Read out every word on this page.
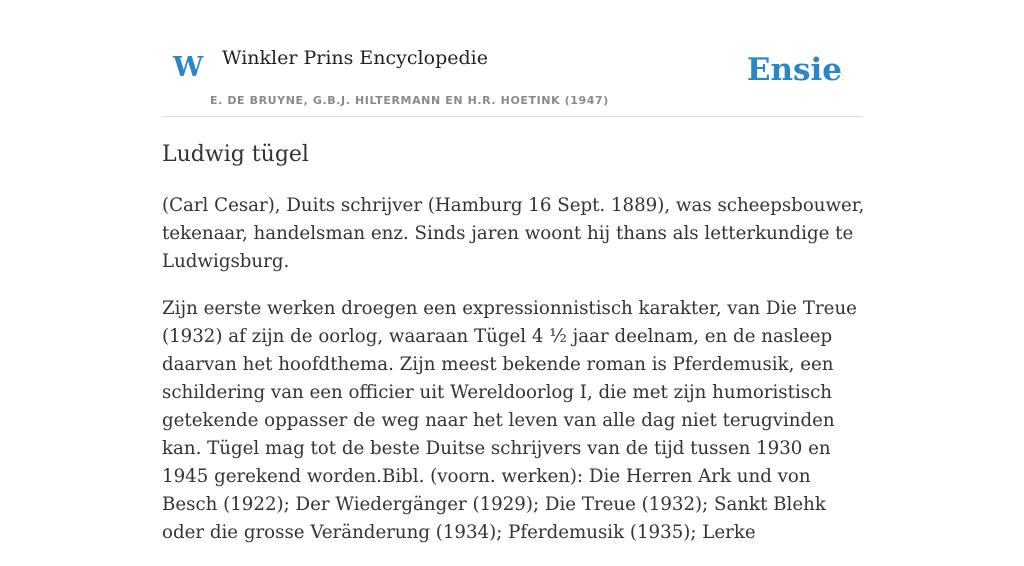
W Winkler Prins Encyclopedie
E. DE BRUYNE, G.B.J. HILTERMANN EN H.R. HOETINK (1947)
Ensie
Ludwig tügel

(Carl Cesar), Duits schrijver (Hamburg 16 Sept. 1889), was scheepsbouwer, tekenaar, handelsman enz. Sinds jaren woont hij thans als letterkundige te Ludwigsburg.

Zijn eerste werken droegen een expressionnistisch karakter, van Die Treue (1932) af zijn de oorlog, waaraan Tügel 4 ½ jaar deelnam, en de nasleep daarvan het hoofdthema. Zijn meest bekende roman is Pferdemusik, een schildering van een officier uit Wereldoorlog I, die met zijn humoristisch getekende oppasser de weg naar het leven van alle dag niet terugvinden kan. Tügel mag tot de beste Duitse schrijvers van de tijd tussen 1930 en 1945 gerekend worden.Bibl. (voorn. werken): Die Herren Ark und von Besch (1922); Der Wiedergänger (1929); Die Treue (1932); Sankt Blehk oder die grosse Veränderung (1934); Pferdemusik (1935); Lerke
